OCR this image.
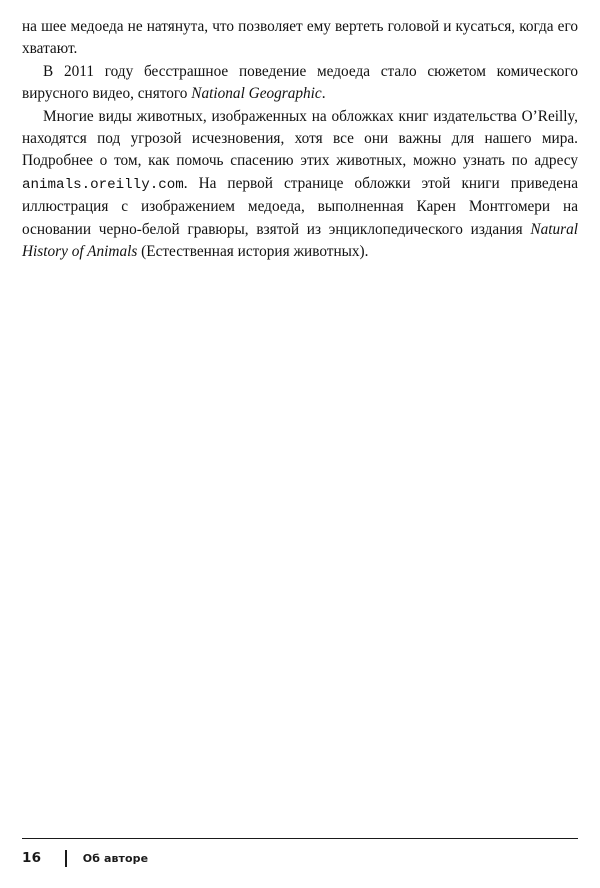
на шее медоеда не натянута, что позволяет ему вертеть головой и кусаться, когда его хватают.

В 2011 году бесстрашное поведение медоеда стало сюжетом комического вирусного видео, снятого National Geographic.

Многие виды животных, изображенных на обложках книг издательства O’Reilly, находятся под угрозой исчезновения, хотя все они важны для нашего мира. Подробнее о том, как помочь спасению этих животных, можно узнать по адресу animals.oreilly.com. На первой странице обложки этой книги приведена иллюстрация с изображением медоеда, выполненная Карен Монтгомери на основании черно-белой гравюры, взятой из энциклопедического издания Natural History of Animals (Естественная история животных).

16	Об авторе
